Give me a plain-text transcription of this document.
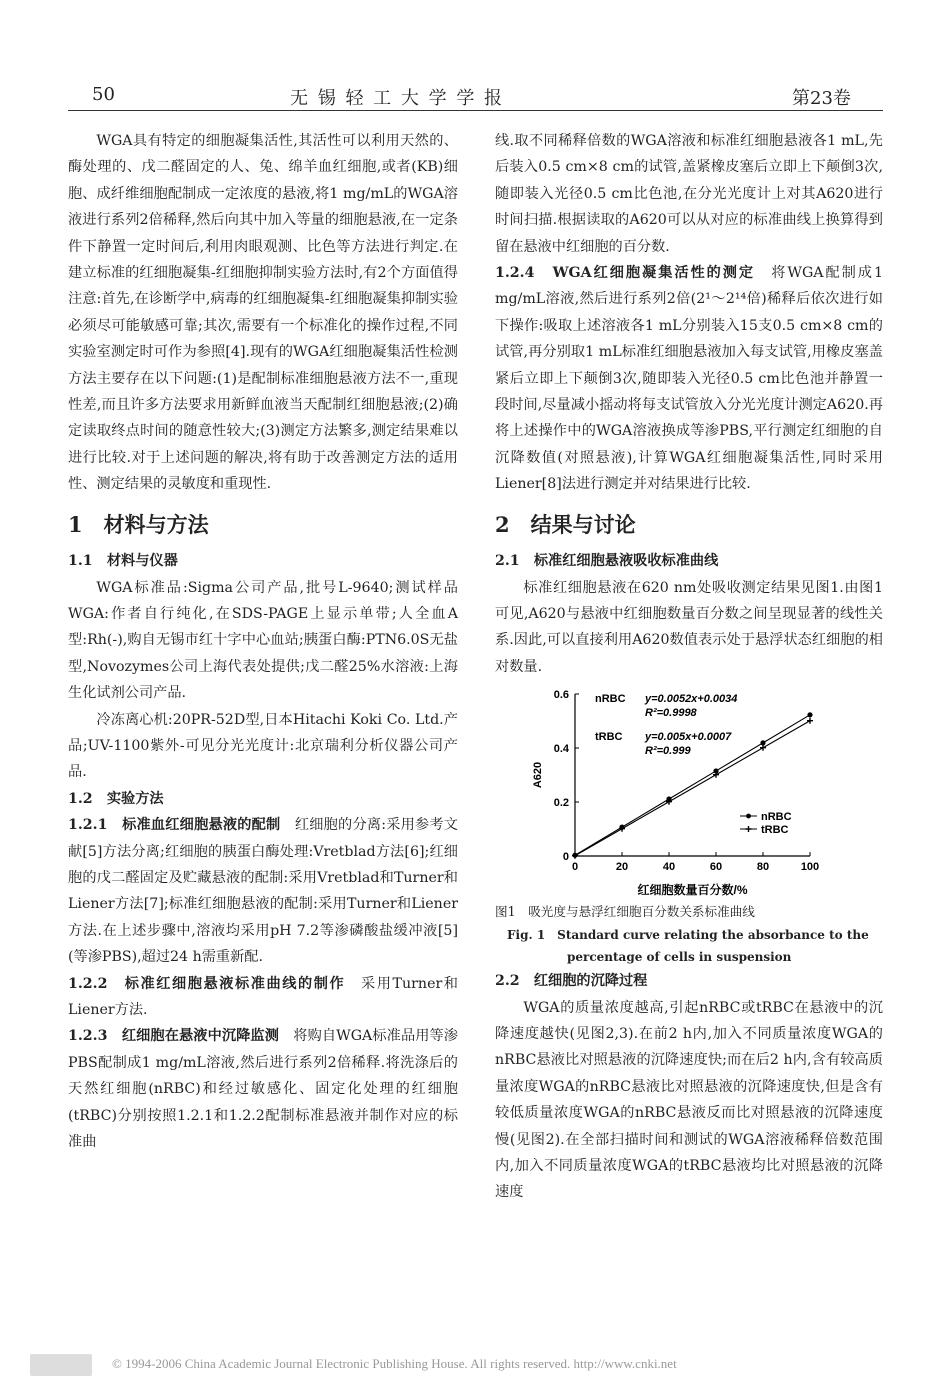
50	无 锡 轻 工 大 学 学 报	第23卷

WGA具有特定的细胞凝集活性,其活性可以利用天然的、酶处理的、戊二醛固定的人、兔、绵羊血红细胞,或者(KB)细胞、成纤维细胞配制成一定浓度的悬液,将1 mg/mL的WGA溶液进行系列2倍稀释,然后向其中加入等量的细胞悬液,在一定条件下静置一定时间后,利用肉眼观测、比色等方法进行判定.在建立标准的红细胞凝集-红细胞抑制实验方法时,有2个方面值得注意:首先,在诊断学中,病毒的红细胞凝集-红细胞凝集抑制实验必须尽可能敏感可靠;其次,需要有一个标准化的操作过程,不同实验室测定时可作为参照[4].现有的WGA红细胞凝集活性检测方法主要存在以下问题:(1)是配制标准细胞悬液方法不一,重现性差,而且许多方法要求用新鲜血液当天配制红细胞悬液;(2)确定读取终点时间的随意性较大;(3)测定方法繁多,测定结果难以进行比较.对于上述问题的解决,将有助于改善测定方法的适用性、测定结果的灵敏度和重现性.

1　材料与方法

1.1　材料与仪器

WGA标准品:Sigma公司产品,批号L-9640;测试样品WGA:作者自行纯化,在SDS-PAGE上显示单带;人全血A型:Rh(-),购自无锡市红十字中心血站;胰蛋白酶:PTN6.0S无盐型,Novozymes公司上海代表处提供;戊二醛25%水溶液:上海生化试剂公司产品.

冷冻离心机:20PR-52D型,日本Hitachi Koki Co. Ltd.产品;UV-1100紫外-可见分光光度计:北京瑞利分析仪器公司产品.

1.2　实验方法

1.2.1　标准血红细胞悬液的配制　 红细胞的分离:采用参考文献[5]方法分离;红细胞的胰蛋白酶处理:Vretblad方法[6];红细胞的戊二醛固定及贮藏悬液的配制:采用Vretblad和Turner和Liener方法[7];标准红细胞悬液的配制:采用Turner和Liener方法.在上述步骤中,溶液均采用pH 7.2等渗磷酸盐缓冲液[5](等渗PBS),超过24 h需重新配.

1.2.2　标准红细胞悬液标准曲线的制作　 采用Turner和Liener方法.

1.2.3　红细胞在悬液中沉降监测　 将购自WGA标准品用等渗PBS配制成1 mg/mL溶液,然后进行系列2倍稀释.将洗涤后的天然红细胞(nRBC)和经过敏感化、固定化处理的红细胞(tRBC)分别按照1.2.1和1.2.2配制标准悬液并制作对应的标准曲

线.取不同稀释倍数的WGA溶液和标准红细胞悬液各1 mL,先后装入0.5 cm×8 cm的试管,盖紧橡皮塞后立即上下颠倒3次,随即装入光径0.5 cm比色池,在分光光度计上对其A620进行时间扫描.根据读取的A620可以从对应的标准曲线上换算得到留在悬液中红细胞的百分数.

1.2.4　WGA红细胞凝集活性的测定　 将WGA配制成1 mg/mL溶液,然后进行系列2倍(2¹～2¹⁴倍)稀释后依次进行如下操作:吸取上述溶液各1 mL分别装入15支0.5 cm×8 cm的试管,再分别取1 mL标准红细胞悬液加入每支试管,用橡皮塞盖紧后立即上下颠倒3次,随即装入光径0.5 cm比色池并静置一段时间,尽量减小摇动将每支试管放入分光光度计测定A620.再将上述操作中的WGA溶液换成等渗PBS,平行测定红细胞的自沉降数值(对照悬液),计算WGA红细胞凝集活性,同时采用Liener[8]法进行测定并对结果进行比较.

2　结果与讨论

2.1　标准红细胞悬液吸收标准曲线

标准红细胞悬液在620 nm处吸收测定结果见图1.由图1可见,A620与悬液中红细胞数量百分数之间呈现显著的线性关系.因此,可以直接利用A620数值表示处于悬浮状态红细胞的相对数量.

0	20	40	60	80	100
0
0.2
0.4
0.6
红细胞数量百分数/%
A620
nRBC y=0.0052x+0.0034
R²=0.9998
tRBC y=0.005x+0.0007
R²=0.999
nRBC
tRBC

图1　吸光度与悬浮红细胞百分数关系标准曲线

Fig. 1　Standard curve relating the absorbance to the

percentage of cells in suspension

2.2　红细胞的沉降过程

WGA的质量浓度越高,引起nRBC或tRBC在悬液中的沉降速度越快(见图2,3).在前2 h内,加入不同质量浓度WGA的nRBC悬液比对照悬液的沉降速度快;而在后2 h内,含有较高质量浓度WGA的nRBC悬液比对照悬液的沉降速度快,但是含有较低质量浓度WGA的nRBC悬液反而比对照悬液的沉降速度慢(见图2).在全部扫描时间和测试的WGA溶液稀释倍数范围内,加入不同质量浓度WGA的tRBC悬液均比对照悬液的沉降速度

© 1994-2006 China Academic Journal Electronic Publishing House. All rights reserved. http://www.cnki.net
